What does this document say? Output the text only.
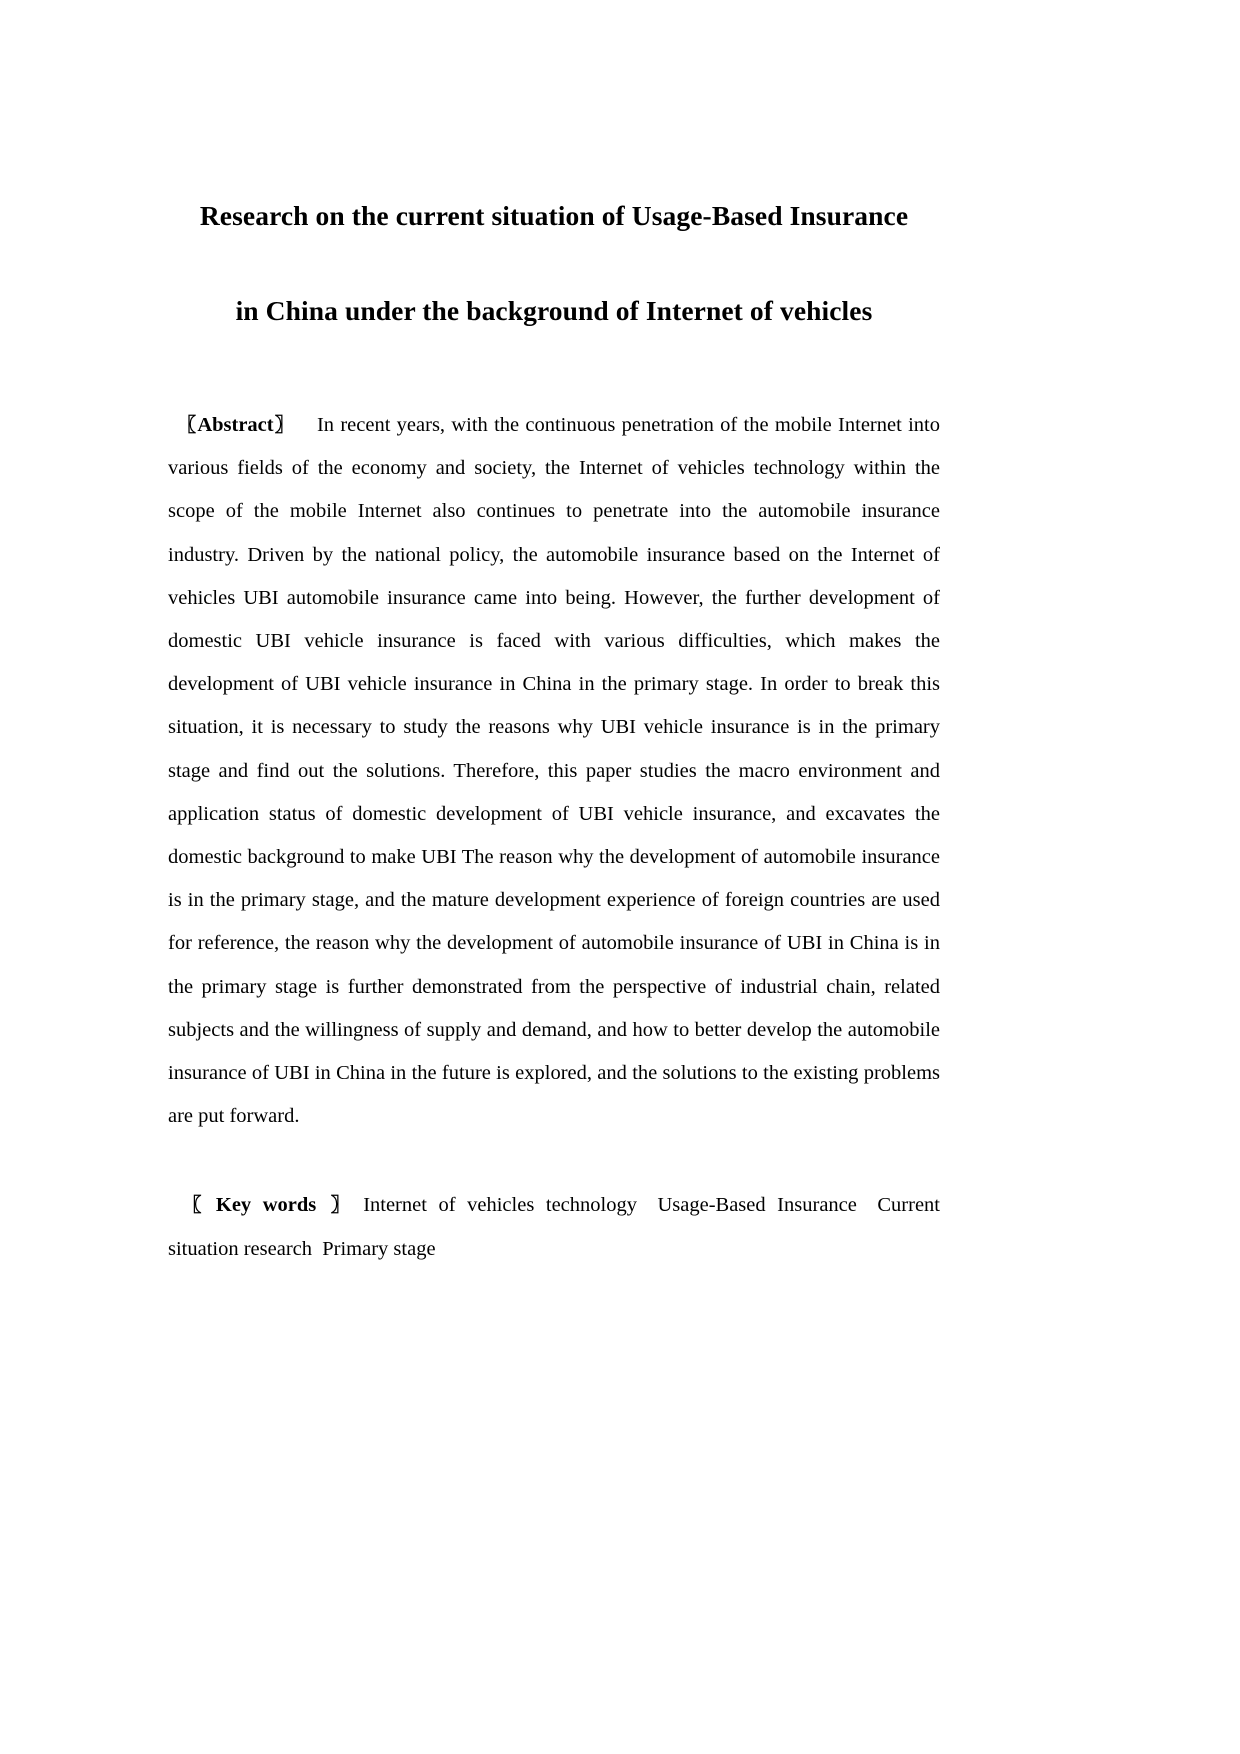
Research on the current situation of Usage-Based Insurance
in China under the background of Internet of vehicles

〖Abstract〗 In recent years, with the continuous penetration of the mobile Internet into various fields of the economy and society, the Internet of vehicles technology within the scope of the mobile Internet also continues to penetrate into the automobile insurance industry. Driven by the national policy, the automobile insurance based on the Internet of vehicles UBI automobile insurance came into being. However, the further development of domestic UBI vehicle insurance is faced with various difficulties, which makes the development of UBI vehicle insurance in China in the primary stage. In order to break this situation, it is necessary to study the reasons why UBI vehicle insurance is in the primary stage and find out the solutions. Therefore, this paper studies the macro environment and application status of domestic development of UBI vehicle insurance, and excavates the domestic background to make UBI The reason why the development of automobile insurance is in the primary stage, and the mature development experience of foreign countries are used for reference, the reason why the development of automobile insurance of UBI in China is in the primary stage is further demonstrated from the perspective of industrial chain, related subjects and the willingness of supply and demand, and how to better develop the automobile insurance of UBI in China in the future is explored, and the solutions to the existing problems are put forward.

〖 Key words 〗 Internet of vehicles technology Usage-Based Insurance Current situation research Primary stage
